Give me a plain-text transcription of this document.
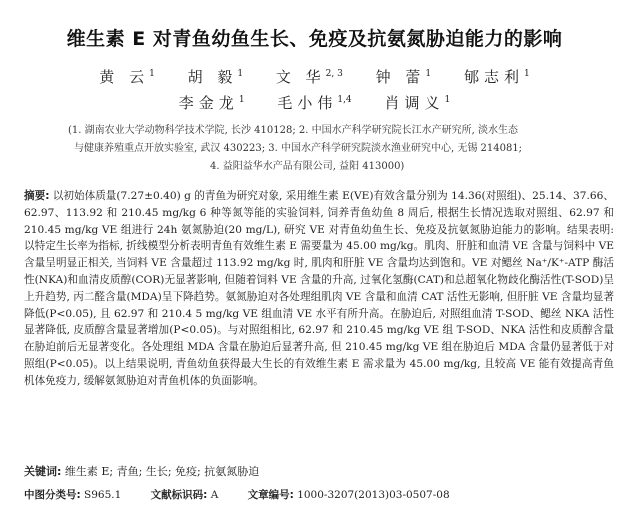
维生素 E 对青鱼幼鱼生长、免疫及抗氨氮胁迫能力的影响
黄 云$^1$ 胡 毅$^1$ 文 华$^{2, 3}$ 钟 蕾$^1$ 郇志利$^1$
李金龙$^1$ 毛小伟$^{1,4}$ 肖调义$^1$
(1. 湖南农业大学动物科学技术学院, 长沙 410128; 2. 中国水产科学研究院长江水产研究所, 淡水生态
与健康养殖重点开放实验室, 武汉 430223; 3. 中国水产科学研究院淡水渔业研究中心, 无锡 214081;
4. 益阳益华水产品有限公司, 益阳 413000)
摘要: 以初始体质量(7.27±0.40) g 的青鱼为研究对象, 采用维生素 E(VE)有效含量分别为 14.36(对照组)、25.14、37.66、62.97、113.92 和 210.45 mg/kg 6 种等氮等能的实验饲料, 饲养青鱼幼鱼 8 周后, 根据生长情况选取对照组、62.97 和 210.45 mg/kg VE 组进行 24h 氨氮胁迫(20 mg/L), 研究 VE 对青鱼幼鱼生长、免疫及抗氨氮胁迫能力的影响。结果表明: 以特定生长率为指标, 折线模型分析表明青鱼有效维生素 E 需要量为 45.00 mg/kg。肌肉、肝脏和血清 VE 含量与饲料中 VE 含量呈明显正相关, 当饲料 VE 含量超过 113.92 mg/kg 时, 肌肉和肝脏 VE 含量均达到饱和。VE 对鳃丝 Na⁺/K⁺-ATP 酶活性(NKA)和血清皮质醇(COR)无显著影响, 但随着饲料 VE 含量的升高, 过氧化氢酶(CAT)和总超氧化物歧化酶活性(T-SOD)呈上升趋势, 丙二醛含量(MDA)呈下降趋势。氨氮胁迫对各处理组肌肉 VE 含量和血清 CAT 活性无影响, 但肝脏 VE 含量均显著降低(P<0.05), 且 62.97 和 210.4 5 mg/kg VE 组血清 VE 水平有所升高。在胁迫后, 对照组血清 T-SOD、鳃丝 NKA 活性显著降低, 皮质醇含量显著增加(P<0.05)。与对照组相比, 62.97 和 210.45 mg/kg VE 组 T-SOD、NKA 活性和皮质醇含量在胁迫前后无显著变化。各处理组 MDA 含量在胁迫后显著升高, 但 210.45 mg/kg VE 组在胁迫后 MDA 含量仍显著低于对照组(P<0.05)。以上结果说明, 青鱼幼鱼获得最大生长的有效维生素 E 需求量为 45.00 mg/kg, 且较高 VE 能有效提高青鱼机体免疫力, 缓解氨氮胁迫对青鱼机体的负面影响。
关键词: 维生素 E; 青鱼; 生长; 免疫; 抗氨氮胁迫
中图分类号: S965.1	文献标识码: A	文章编号: 1000-3207(2013)03-0507-08
